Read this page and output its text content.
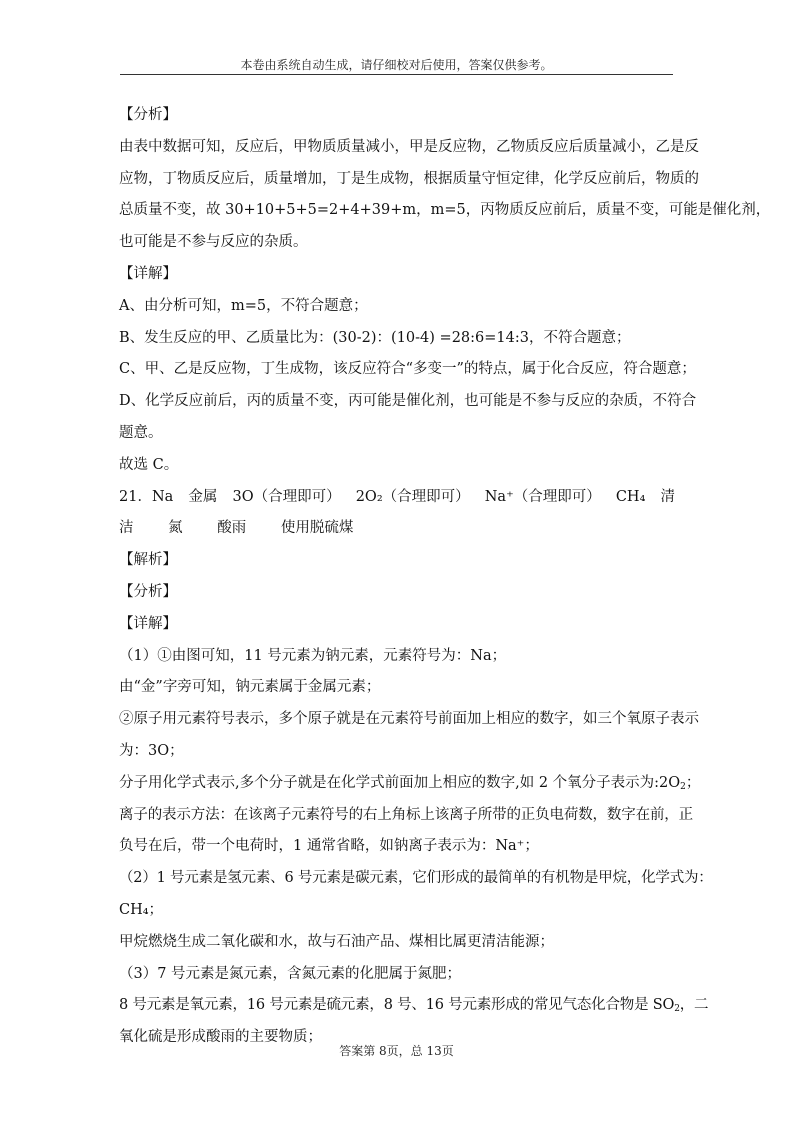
本卷由系统自动生成，请仔细校对后使用，答案仅供参考。
【分析】
由表中数据可知，反应后，甲物质质量减小，甲是反应物，乙物质反应后质量减小，乙是反
应物，丁物质反应后，质量增加，丁是生成物，根据质量守恒定律，化学反应前后，物质的
总质量不变，故 30+10+5+5=2+4+39+m，m=5，丙物质反应前后，质量不变，可能是催化剂，
也可能是不参与反应的杂质。
【详解】
A、由分析可知，m=5，不符合题意；
B、发生反应的甲、乙质量比为：(30-2)：(10-4) =28:6=14:3，不符合题意；
C、甲、乙是反应物，丁生成物，该反应符合“多变一”的特点，属于化合反应，符合题意；
D、化学反应前后，丙的质量不变，丙可能是催化剂，也可能是不参与反应的杂质，不符合
题意。
故选 C。
21．Na 金属 3O（合理即可） 2O₂（合理即可） Na⁺（合理即可） CH₄ 清
洁 氮 酸雨 使用脱硫煤
【解析】
【分析】
【详解】
（1）①由图可知，11 号元素为钠元素，元素符号为：Na；
由“金”字旁可知，钠元素属于金属元素；
②原子用元素符号表示，多个原子就是在元素符号前面加上相应的数字，如三个氧原子表示
为：3O；
分子用化学式表示,多个分子就是在化学式前面加上相应的数字,如 2 个氧分子表示为$:2O_2$；
离子的表示方法：在该离子元素符号的右上角标上该离子所带的正负电荷数，数字在前，正
负号在后，带一个电荷时，1 通常省略，如钠离子表示为：Na⁺；
（2）1 号元素是氢元素、6 号元素是碳元素，它们形成的最简单的有机物是甲烷，化学式为：
CH₄；
甲烷燃烧生成二氧化碳和水，故与石油产品、煤相比属更清洁能源；
（3）7 号元素是氮元素，含氮元素的化肥属于氮肥；
8 号元素是氧元素，16 号元素是硫元素，8 号、16 号元素形成的常见气态化合物是 $SO_2$，二
氧化硫是形成酸雨的主要物质；
答案第 8页，总 13页
